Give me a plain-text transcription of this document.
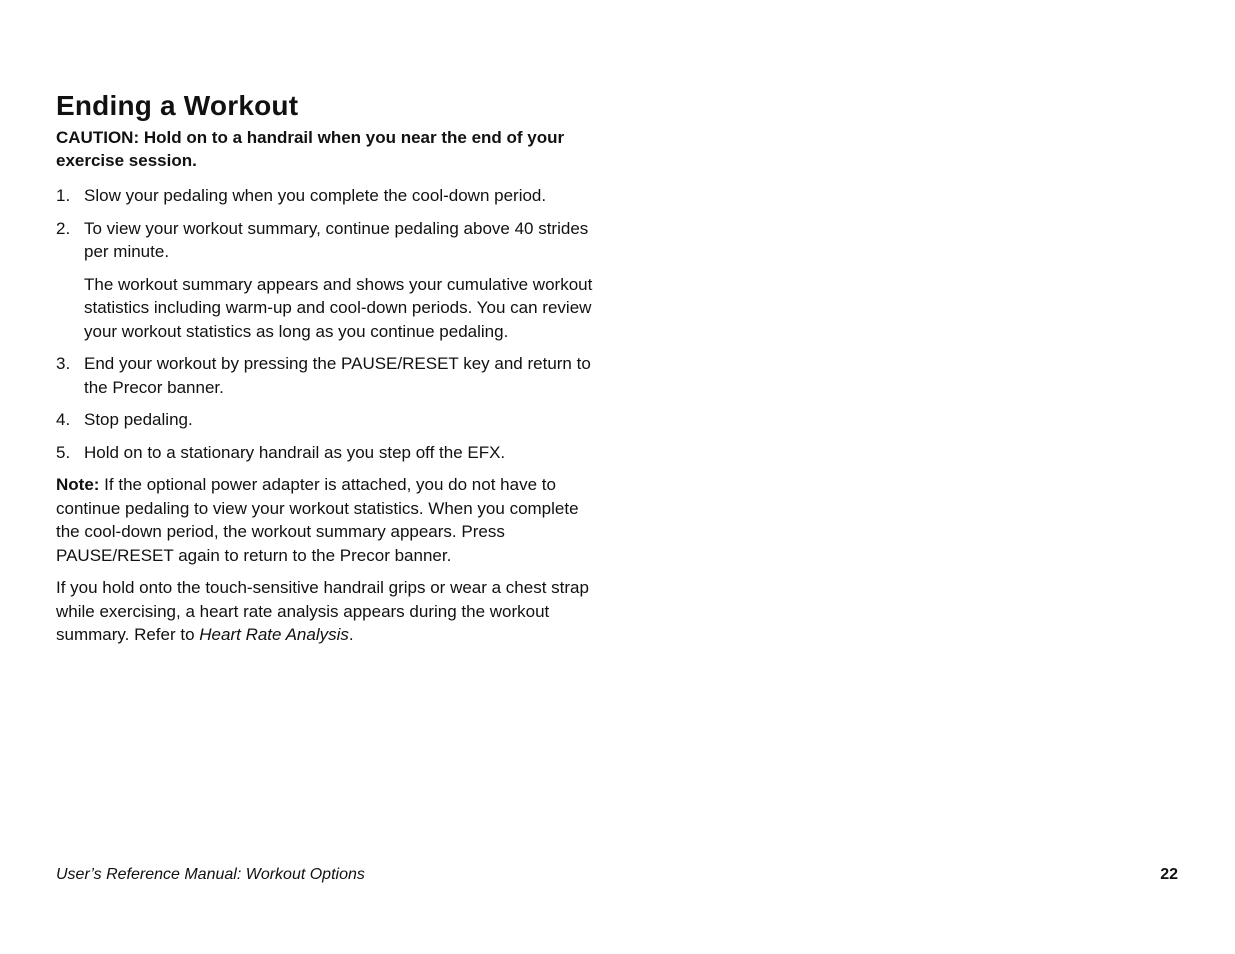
Ending a Workout
CAUTION: Hold on to a handrail when you near the end of your exercise session.
1. Slow your pedaling when you complete the cool-down period.
2. To view your workout summary, continue pedaling above 40 strides per minute.
The workout summary appears and shows your cumulative workout statistics including warm-up and cool-down periods. You can review your workout statistics as long as you continue pedaling.
3. End your workout by pressing the PAUSE/RESET key and return to the Precor banner.
4. Stop pedaling.
5. Hold on to a stationary handrail as you step off the EFX.

Note: If the optional power adapter is attached, you do not have to continue pedaling to view your workout statistics. When you complete the cool-down period, the workout summary appears. Press PAUSE/RESET again to return to the Precor banner.

If you hold onto the touch-sensitive handrail grips or wear a chest strap while exercising, a heart rate analysis appears during the workout summary. Refer to Heart Rate Analysis.

User’s Reference Manual: Workout Options	22
